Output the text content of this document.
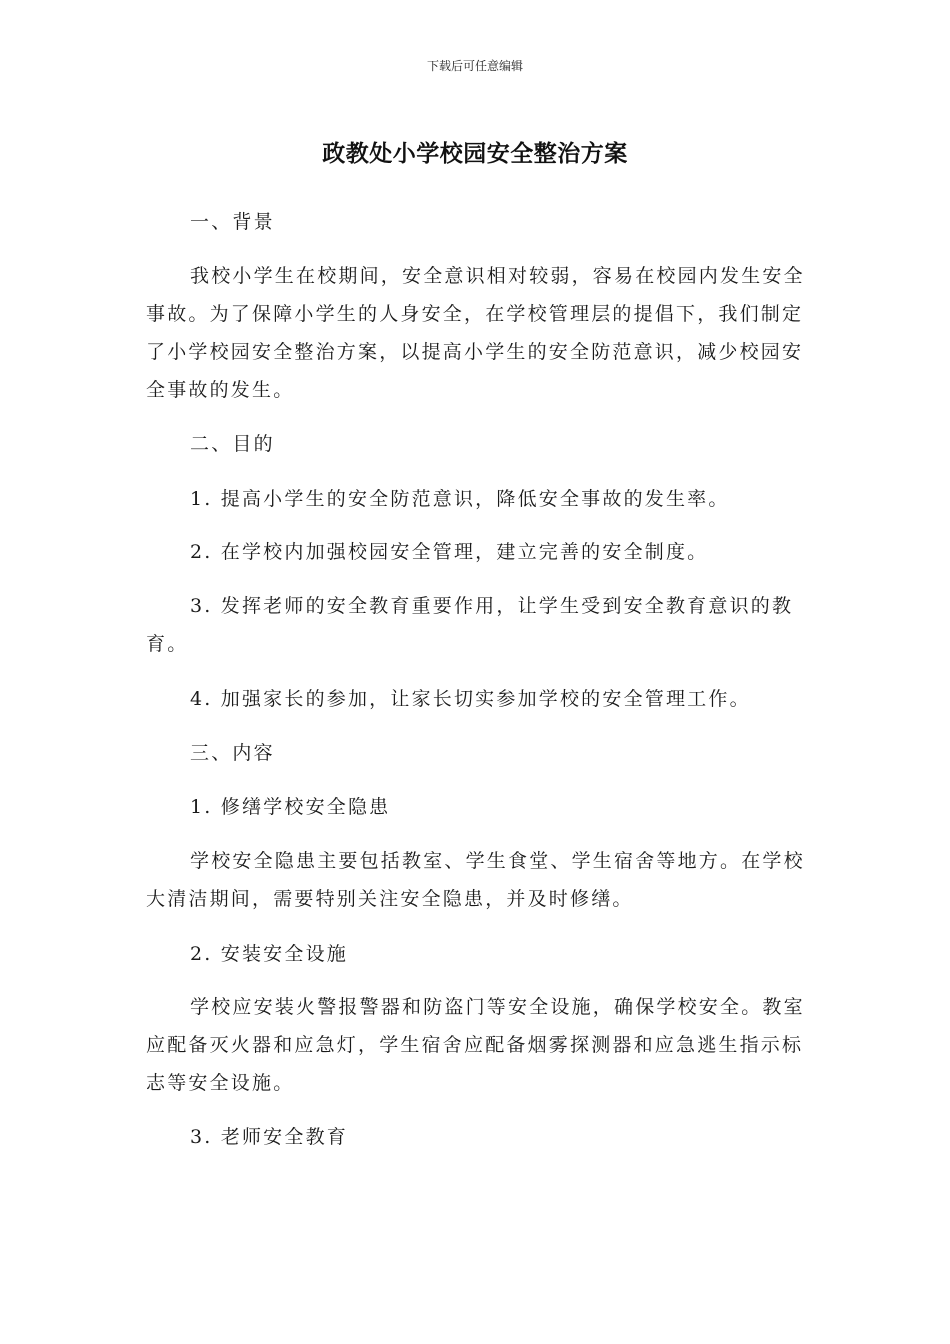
下载后可任意编辑
政教处小学校园安全整治方案

一、背景

我校小学生在校期间，安全意识相对较弱，容易在校园内发生安全事故。为了保障小学生的人身安全，在学校管理层的提倡下，我们制定了小学校园安全整治方案，以提高小学生的安全防范意识，减少校园安全事故的发生。

二、目的

1. 提高小学生的安全防范意识，降低安全事故的发生率。

2. 在学校内加强校园安全管理，建立完善的安全制度。

3. 发挥老师的安全教育重要作用，让学生受到安全教育意识的教育。

4. 加强家长的参加，让家长切实参加学校的安全管理工作。

三、内容

1. 修缮学校安全隐患

学校安全隐患主要包括教室、学生食堂、学生宿舍等地方。在学校大清洁期间，需要特别关注安全隐患，并及时修缮。

2. 安装安全设施

学校应安装火警报警器和防盗门等安全设施，确保学校安全。教室应配备灭火器和应急灯，学生宿舍应配备烟雾探测器和应急逃生指示标志等安全设施。

3. 老师安全教育
